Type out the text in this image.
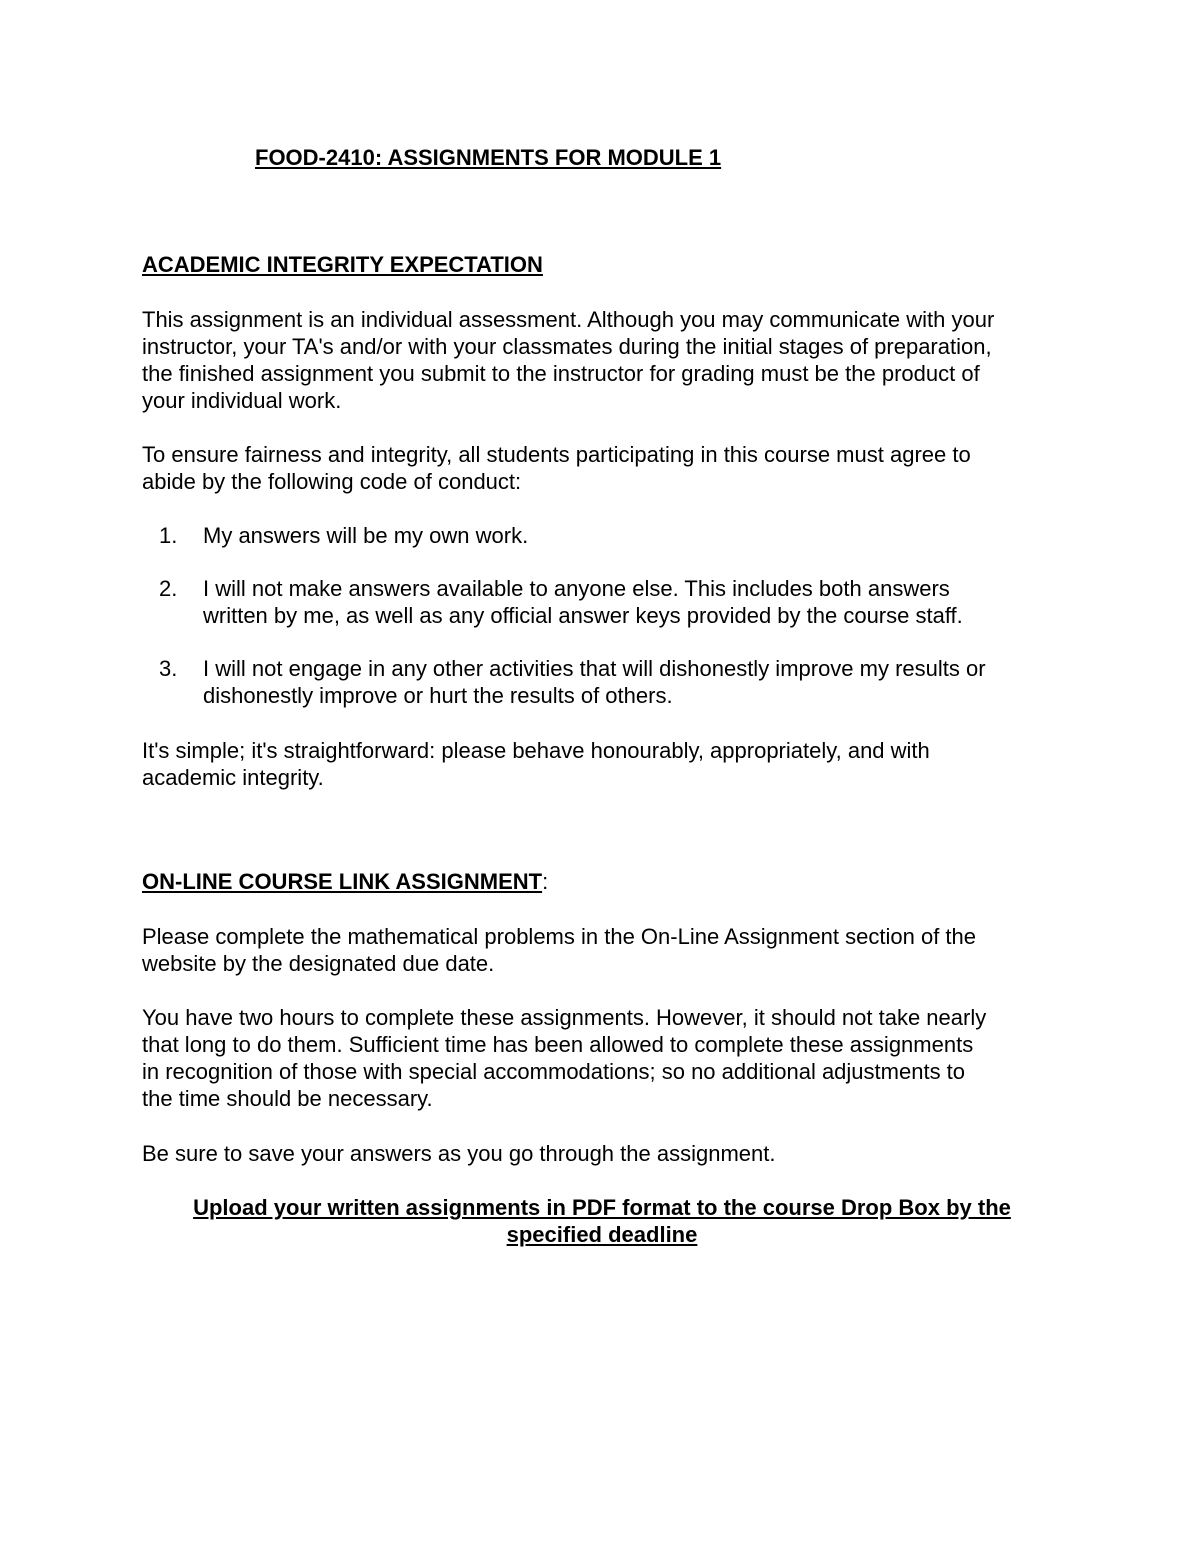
FOOD-2410: ASSIGNMENTS FOR MODULE 1
ACADEMIC INTEGRITY EXPECTATION

This assignment is an individual assessment. Although you may communicate with your
instructor, your TA's and/or with your classmates during the initial stages of preparation,
the finished assignment you submit to the instructor for grading must be the product of
your individual work.

To ensure fairness and integrity, all students participating in this course must agree to
abide by the following code of conduct:

1. My answers will be my own work.
2. I will not make answers available to anyone else. This includes both answers
written by me, as well as any official answer keys provided by the course staff.
3. I will not engage in any other activities that will dishonestly improve my results or
dishonestly improve or hurt the results of others.

It's simple; it's straightforward: please behave honourably, appropriately, and with
academic integrity.

ON-LINE COURSE LINK ASSIGNMENT:

Please complete the mathematical problems in the On-Line Assignment section of the
website by the designated due date.

You have two hours to complete these assignments. However, it should not take nearly
that long to do them. Sufficient time has been allowed to complete these assignments
in recognition of those with special accommodations; so no additional adjustments to
the time should be necessary.

Be sure to save your answers as you go through the assignment.

Upload your written assignments in PDF format to the course Drop Box by the
specified deadline
